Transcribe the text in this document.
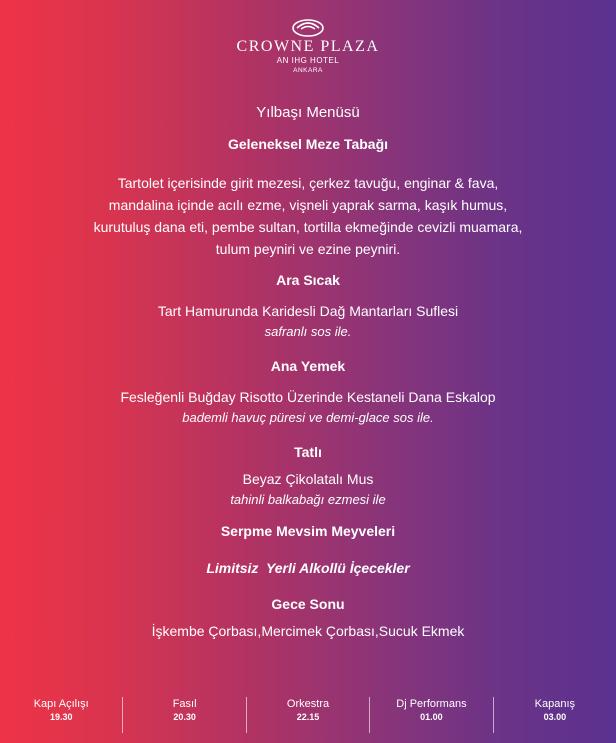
CROWNE PLAZA
AN IHG HOTEL
ANKARA
Yılbaşı Menüsü
Geleneksel Meze Tabağı
Tartolet içerisinde girit mezesi, çerkez tavuğu, enginar & fava,
mandalina içinde acılı ezme, vişneli yaprak sarma, kaşık humus,
kurutuluş dana eti, pembe sultan, tortilla ekmeğinde cevizli muamara,
tulum peyniri ve ezine peyniri.
Ara Sıcak
Tart Hamurunda Karidesli Dağ Mantarları Suflesi
safranlı sos ile.
Ana Yemek
Fesleğenli Buğday Risotto Üzerinde Kestaneli Dana Eskalop
bademli havuç püresi ve demi-glace sos ile.
Tatlı
Beyaz Çikolatalı Mus
tahinli balkabağı ezmesi ile
Serpme Mevsim Meyveleri
Limitsiz  Yerli Alkollü İçecekler
Gece Sonu
İşkembe Çorbası,Mercimek Çorbası,Sucuk Ekmek
Kapı Açılışı
19.30
Fasıl
20.30
Orkestra
22.15
Dj Performans
01.00
Kapanış
03.00
